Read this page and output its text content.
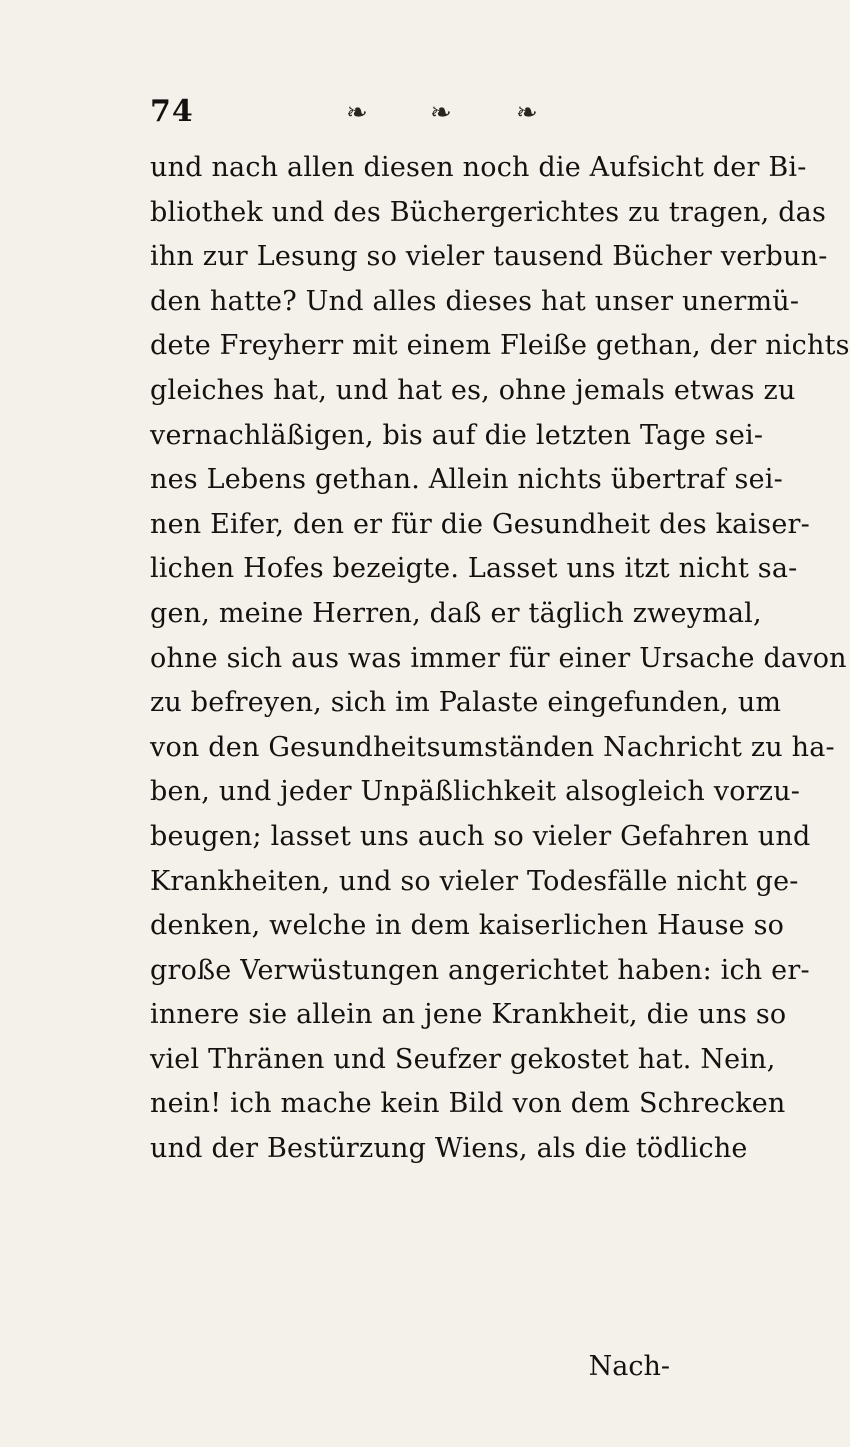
74	❧ ❧ ❧
und nach allen diesen noch die Aufsicht der Bi-
bliothek und des Büchergerichtes zu tragen, das
ihn zur Lesung so vieler tausend Bücher verbun-
den hatte? Und alles dieses hat unser unermü-
dete Freyherr mit einem Fleiße gethan, der nichts
gleiches hat, und hat es, ohne jemals etwas zu
vernachläßigen, bis auf die letzten Tage sei-
nes Lebens gethan. Allein nichts übertraf sei-
nen Eifer, den er für die Gesundheit des kaiser-
lichen Hofes bezeigte. Lasset uns itzt nicht sa-
gen, meine Herren, daß er täglich zweymal,
ohne sich aus was immer für einer Ursache davon
zu befreyen, sich im Palaste eingefunden, um
von den Gesundheitsumständen Nachricht zu ha-
ben, und jeder Unpäßlichkeit alsogleich vorzu-
beugen; lasset uns auch so vieler Gefahren und
Krankheiten, und so vieler Todesfälle nicht ge-
denken, welche in dem kaiserlichen Hause so
große Verwüstungen angerichtet haben: ich er-
innere sie allein an jene Krankheit, die uns so
viel Thränen und Seufzer gekostet hat. Nein,
nein! ich mache kein Bild von dem Schrecken
und der Bestürzung Wiens, als die tödliche
Nach-
